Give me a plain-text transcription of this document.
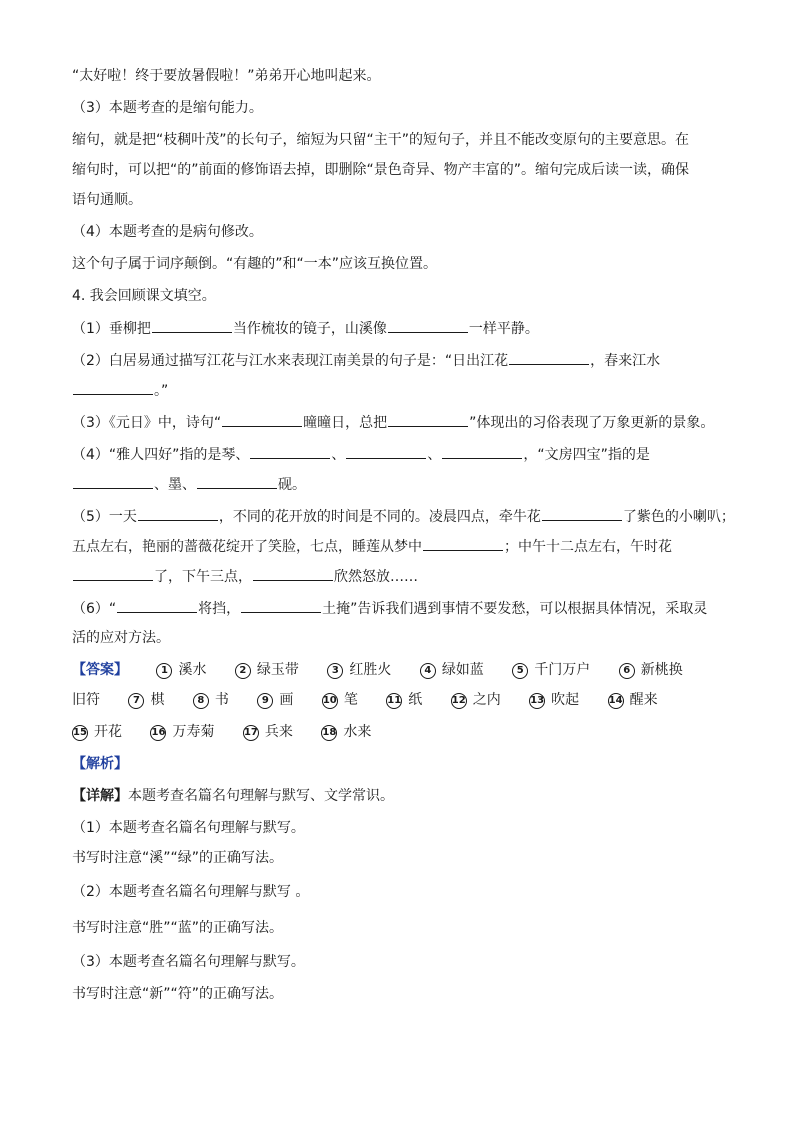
“太好啦！终于要放暑假啦！”弟弟开心地叫起来。
（3）本题考查的是缩句能力。
缩句，就是把“枝稠叶茂”的长句子，缩短为只留“主干”的短句子，并且不能改变原句的主要意思。在
缩句时，可以把“的”前面的修饰语去掉，即删除“景色奇异、物产丰富的”。缩句完成后读一读，确保
语句通顺。
（4）本题考查的是病句修改。
这个句子属于词序颠倒。“有趣的”和“一本”应该互换位置。
4. 我会回顾课文填空。
（1）垂柳把	当作梳妆的镜子，山溪像	一样平静。
（2）白居易通过描写江花与江水来表现江南美景的句子是：“日出江花	，春来江水
。”
（3）《元日》中，诗句“	曈曈日，总把	”体现出的习俗表现了万象更新的景象。
（4）“雅人四好”指的是琴、	、	、	，“文房四宝”指的是
、墨、	砚。
（5）一天	，不同的花开放的时间是不同的。凌晨四点，牵牛花	了紫色的小喇叭；
五点左右，艳丽的蔷薇花绽开了笑脸，七点，睡莲从梦中	；中午十二点左右，午时花
了，下午三点，	欣然怒放……
（6）“	将挡，	土掩”告诉我们遇到事情不要发愁，可以根据具体情况，采取灵
活的应对方法。
【答案】	1 溪水	2 绿玉带	3 红胜火	4 绿如蓝	5 千门万户	6 新桃换
旧符	7 棋	8 书	9 画	10 笔	11 纸	12 之内	13 吹起	14 醒来
15 开花	16 万寿菊	17 兵来	18 水来
【解析】
【详解】本题考查名篇名句理解与默写、文学常识。
（1）本题考查名篇名句理解与默写。
书写时注意“溪”“绿”的正确写法。
（2）本题考查名篇名句理解与默写 。
书写时注意“胜”“蓝”的正确写法。
（3）本题考查名篇名句理解与默写。
书写时注意“新”“符”的正确写法。
